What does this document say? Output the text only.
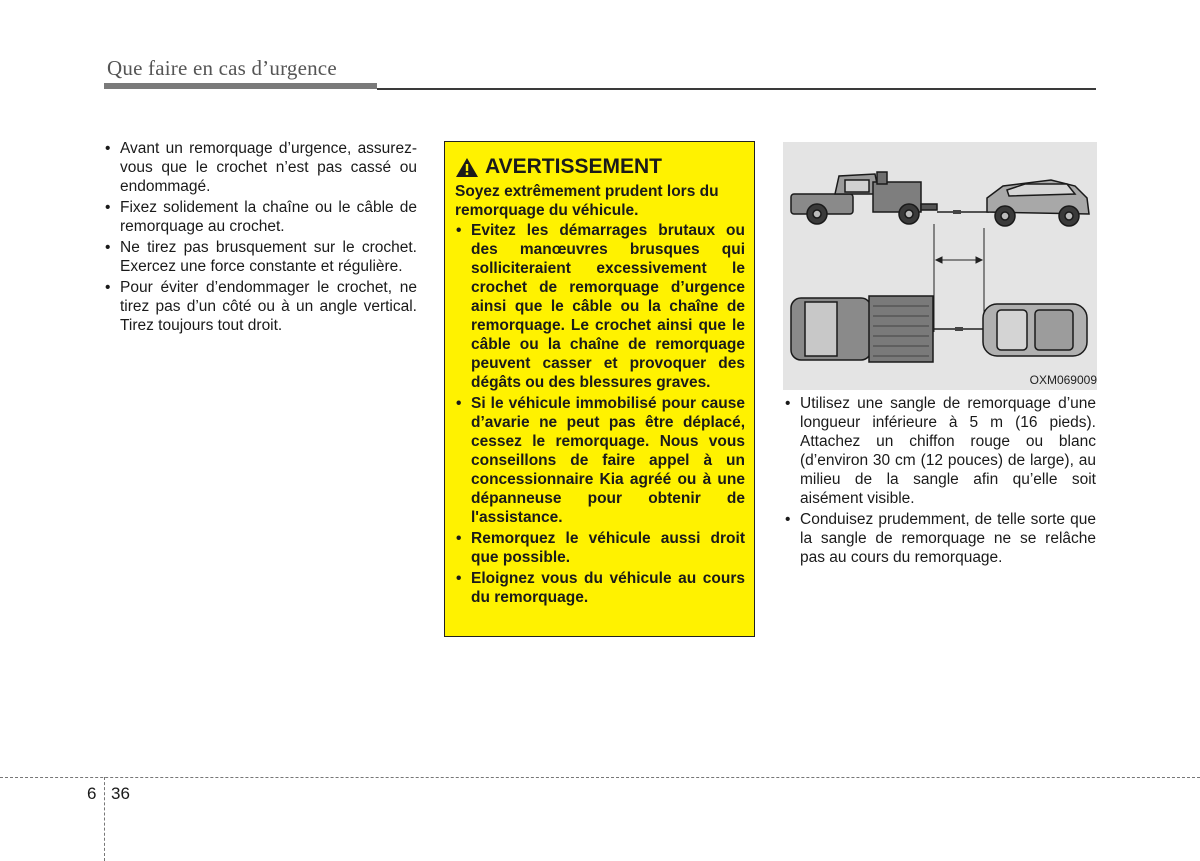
Que faire en cas d’urgence
• Avant un remorquage d’urgence, assurez-vous que le crochet n’est pas cassé ou endommagé.
• Fixez solidement la chaîne ou le câble de remorquage au crochet.
• Ne tirez pas brusquement sur le crochet. Exercez une force constante et régulière.
• Pour éviter d’endommager le crochet, ne tirez pas d’un côté ou à un angle vertical. Tirez toujours tout droit.
AVERTISSEMENT
Soyez extrêmement prudent lors du remorquage du véhicule.
• Evitez les démarrages brutaux ou des manœuvres brusques qui solliciteraient excessivement le crochet de remorquage d’urgence ainsi que le câble ou la chaîne de remorquage. Le crochet ainsi que le câble ou la chaîne de remorquage peuvent casser et provoquer des dégâts ou des blessures graves.
• Si le véhicule immobilisé pour cause d’avarie ne peut pas être déplacé, cessez le remorquage. Nous vous conseillons de faire appel à un concessionnaire Kia agréé ou à une dépanneuse pour obtenir de l'assistance.
• Remorquez le véhicule aussi droit que possible.
• Eloignez vous du véhicule au cours du remorquage.
OXM069009
• Utilisez une sangle de remorquage d’une longueur inférieure à 5 m (16 pieds). Attachez un chiffon rouge ou blanc (d’environ 30 cm (12 pouces) de large), au milieu de la sangle afin qu’elle soit aisément visible.
• Conduisez prudemment, de telle sorte que la sangle de remorquage ne se relâche pas au cours du remorquage.
6 36
